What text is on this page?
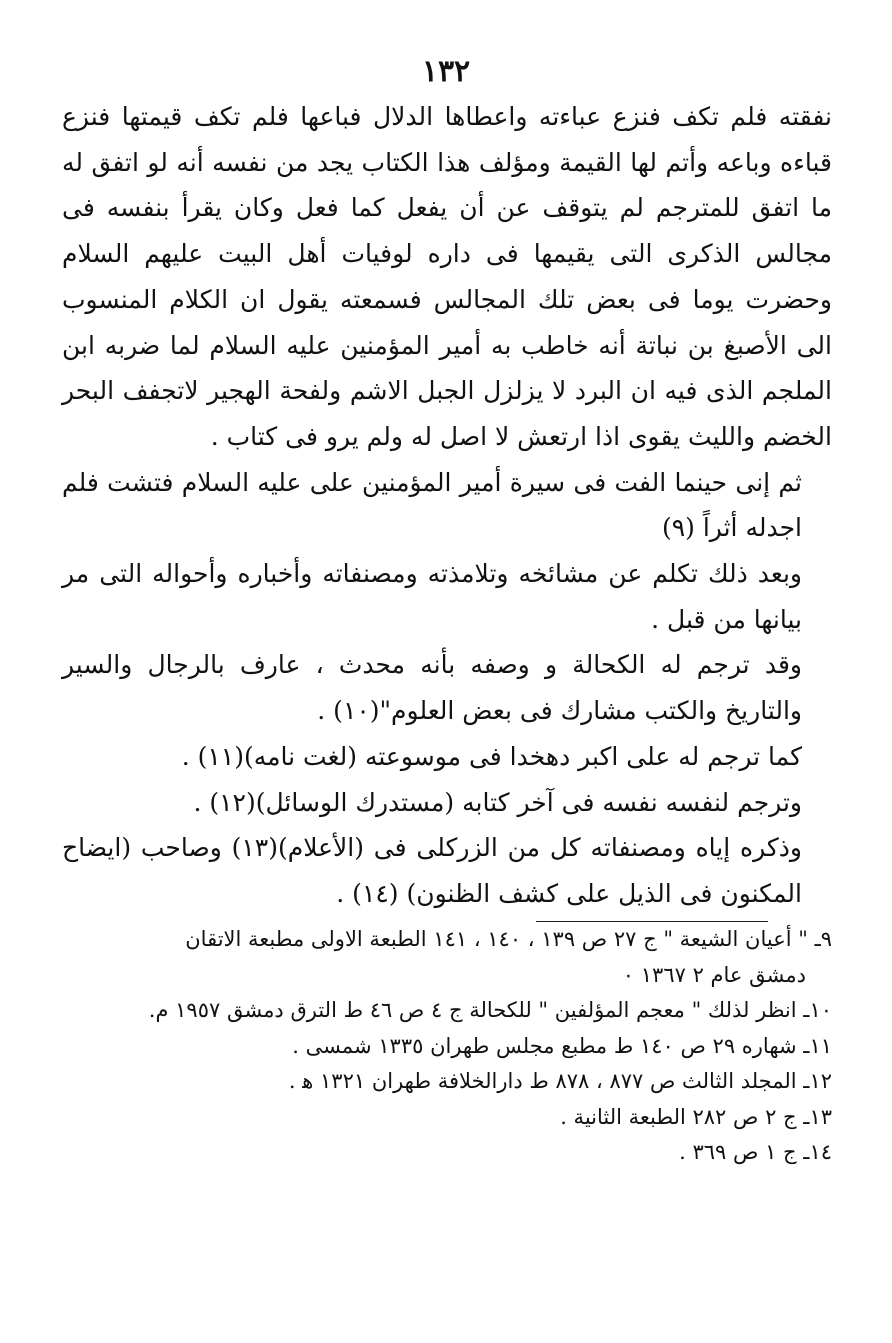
١٣٢

نفقته فلم تكف فنزع عباءته واعطاها الدلال فباعها فلم تكف قيمتها فنزع قباءه وباعه وأتم لها القيمة ومؤلف هذا الكتاب يجد من نفسه أنه لو اتفق له ما اتفق للمترجم لم يتوقف عن أن يفعل كما فعل وكان يقرأ بنفسه فى مجالس الذكرى التى يقيمها فى داره لوفيات أهل البيت عليهم السلام وحضرت يوما فى بعض تلك المجالس فسمعته يقول ان الكلام المنسوب الى الأصبغ بن نباتة أنه خاطب به أمير المؤمنين عليه السلام لما ضربه ابن الملجم الذى فيه ان البرد لا يزلزل الجبل الاشم ولفحة الهجير لاتجفف البحر الخضم والليث يقوى اذا ارتعش لا اصل له ولم يرو فى كتاب .

ثم إنى حينما الفت فى سيرة أمير المؤمنين على عليه السلام فتشت فلم اجدله أثراً (٩)

وبعد ذلك تكلم عن مشائخه وتلامذته ومصنفاته وأخباره وأحواله التى مر بيانها من قبل .

وقد ترجم له الكحالة و وصفه بأنه محدث ، عارف بالرجال والسير والتاريخ والكتب مشارك فى بعض العلوم"(١٠) .

كما ترجم له على اكبر دهخدا فى موسوعته (لغت نامه)(١١) .

وترجم لنفسه نفسه فى آخر كتابه (مستدرك الوسائل)(١٢) .

وذكره إياه ومصنفاته كل من الزركلى فى (الأعلام)(١٣) وصاحب (ايضاح المكنون فى الذيل على كشف الظنون) (١٤) .

٩ـ " أعيان الشيعة " ج ٢٧ ص ١٣٩ ، ١٤٠ ، ١٤١ الطبعة الاولى مطبعة الاتقان

دمشق عام ٢ ١٣٦٧ ٠

١٠ـ انظر لذلك " معجم المؤلفين " للكحالة ج ٤ ص ٤٦ ط الترق دمشق ١٩٥٧ م.

١١ـ شهاره ٢٩ ص ١٤٠ ط مطبع مجلس طهران ١٣٣٥ شمسى .

١٢ـ المجلد الثالث ص ٨٧٧ ، ٨٧٨ ط دارالخلافة طهران ١٣٢١ ﻫ .

١٣ـ ج ٢ ص ٢٨٢ الطبعة الثانية .

١٤ـ ج ١ ص ٣٦٩ .
